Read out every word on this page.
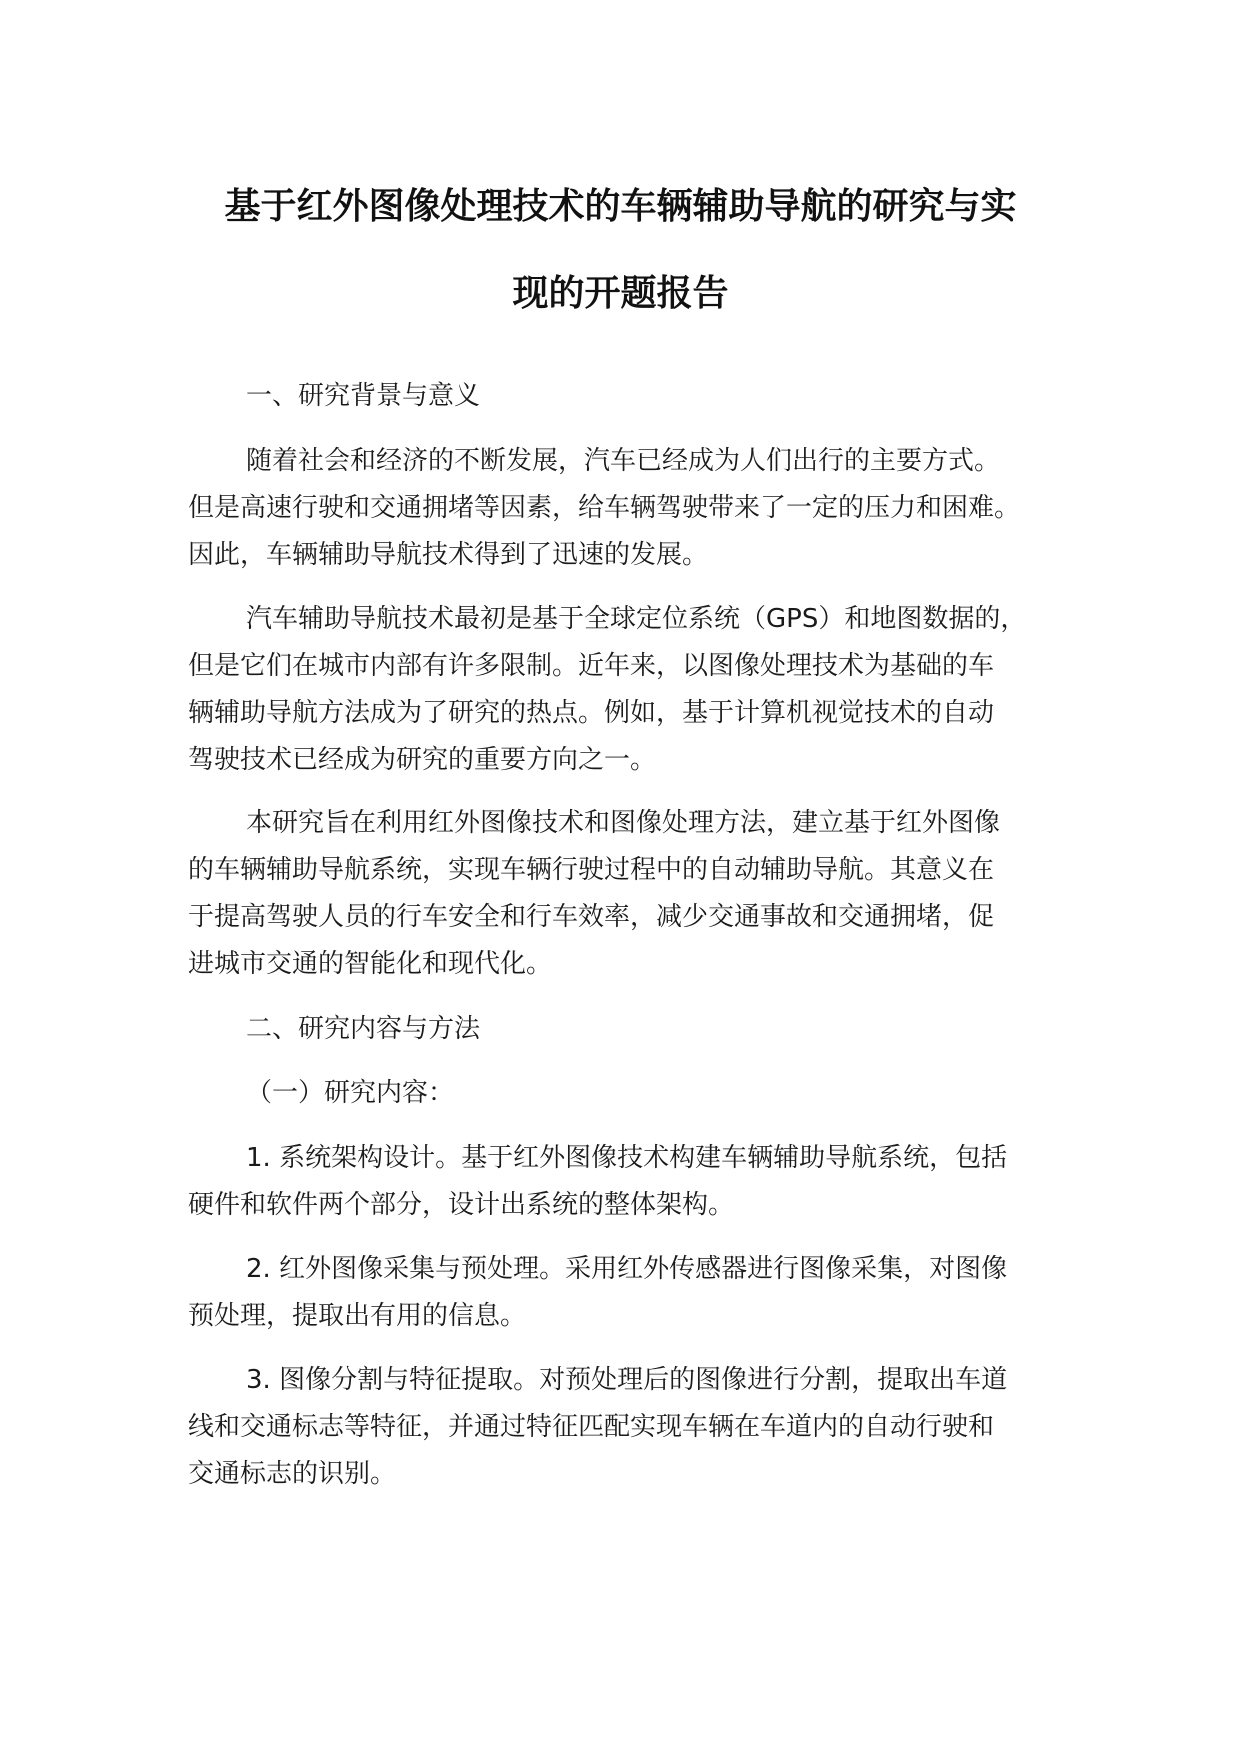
基于红外图像处理技术的车辆辅助导航的研究与实
现的开题报告

一、研究背景与意义

随着社会和经济的不断发展，汽车已经成为人们出行的主要方式。

但是高速行驶和交通拥堵等因素，给车辆驾驶带来了一定的压力和困难。

因此，车辆辅助导航技术得到了迅速的发展。

汽车辅助导航技术最初是基于全球定位系统（GPS）和地图数据的，

但是它们在城市内部有许多限制。近年来，以图像处理技术为基础的车

辆辅助导航方法成为了研究的热点。例如，基于计算机视觉技术的自动

驾驶技术已经成为研究的重要方向之一。

本研究旨在利用红外图像技术和图像处理方法，建立基于红外图像

的车辆辅助导航系统，实现车辆行驶过程中的自动辅助导航。其意义在

于提高驾驶人员的行车安全和行车效率，减少交通事故和交通拥堵，促

进城市交通的智能化和现代化。

二、研究内容与方法

（一）研究内容：

1. 系统架构设计。基于红外图像技术构建车辆辅助导航系统，包括

硬件和软件两个部分，设计出系统的整体架构。

2. 红外图像采集与预处理。采用红外传感器进行图像采集，对图像

预处理，提取出有用的信息。

3. 图像分割与特征提取。对预处理后的图像进行分割，提取出车道

线和交通标志等特征，并通过特征匹配实现车辆在车道内的自动行驶和

交通标志的识别。
